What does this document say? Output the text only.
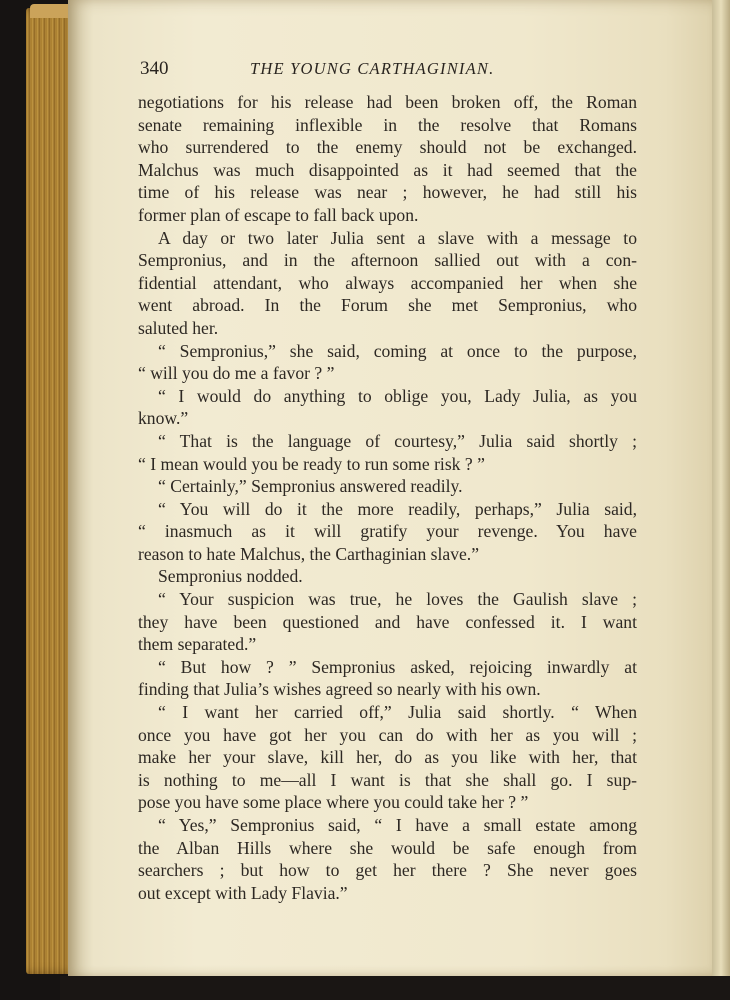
340	THE YOUNG CARTHAGINIAN.
negotiations for his release had been broken off, the Roman
senate remaining inflexible in the resolve that Romans
who surrendered to the enemy should not be exchanged.
Malchus was much disappointed as it had seemed that the
time of his release was near ; however, he had still his
former plan of escape to fall back upon.
A day or two later Julia sent a slave with a message to
Sempronius, and in the afternoon sallied out with a con-
fidential attendant, who always accompanied her when she
went abroad. In the Forum she met Sempronius, who
saluted her.
“ Sempronius,” she said, coming at once to the purpose,
“ will you do me a favor ? ”
“ I would do anything to oblige you, Lady Julia, as you
know.”
“ That is the language of courtesy,” Julia said shortly ;
“ I mean would you be ready to run some risk ? ”
“ Certainly,” Sempronius answered readily.
“ You will do it the more readily, perhaps,” Julia said,
“ inasmuch as it will gratify your revenge. You have
reason to hate Malchus, the Carthaginian slave.”
Sempronius nodded.
“ Your suspicion was true, he loves the Gaulish slave ;
they have been questioned and have confessed it. I want
them separated.”
“ But how ? ” Sempronius asked, rejoicing inwardly at
finding that Julia’s wishes agreed so nearly with his own.
“ I want her carried off,” Julia said shortly. “ When
once you have got her you can do with her as you will ;
make her your slave, kill her, do as you like with her, that
is nothing to me—all I want is that she shall go. I sup-
pose you have some place where you could take her ? ”
“ Yes,” Sempronius said, “ I have a small estate among
the Alban Hills where she would be safe enough from
searchers ; but how to get her there ? She never goes
out except with Lady Flavia.”
